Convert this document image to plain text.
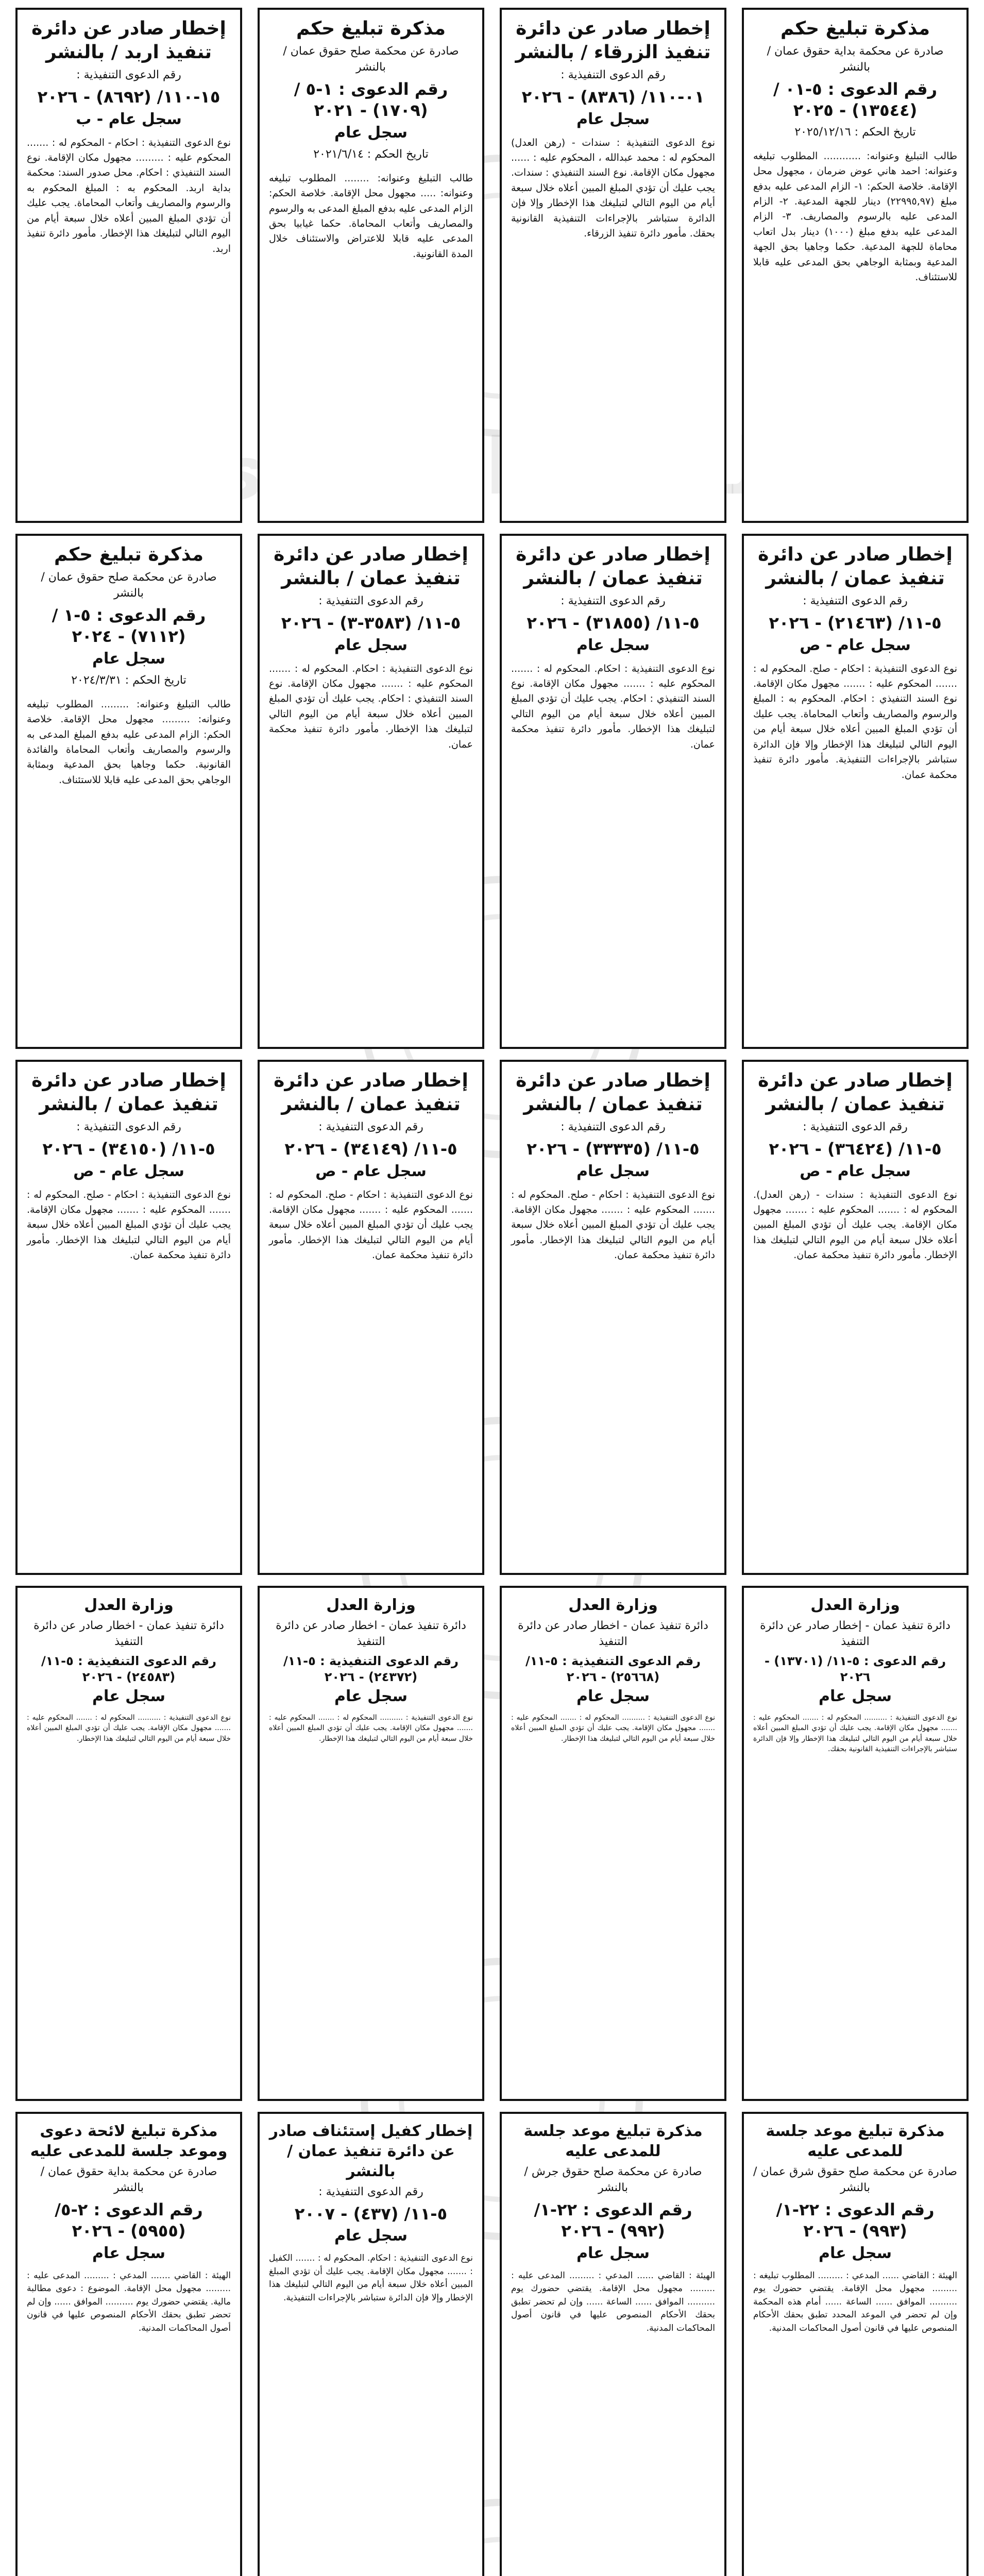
الوكيل الإخباري
مذكرة تبليغ حكم
صادرة عن محكمة بداية حقوق عمان / بالنشر
رقم الدعوى : ٥-٠١ / (١٣٥٤٤) - ٢٠٢٥
تاريخ الحكم : ٢٠٢٥/١٢/١٦
طالب التبليغ وعنوانه: ............ المطلوب تبليغه وعنوانه: احمد هاني عوض ضرمان ، مجهول محل الإقامة. خلاصة الحكم: ١- الزام المدعى عليه بدفع مبلغ (٢٢٩٩٥,٩٧) دينار للجهة المدعية. ٢- الزام المدعى عليه بالرسوم والمصاريف. ٣- الزام المدعى عليه بدفع مبلغ (١٠٠٠) دينار بدل اتعاب محاماة للجهة المدعية. حكما وجاهيا بحق الجهة المدعية وبمثابة الوجاهي بحق المدعى عليه قابلا للاستئناف.
إخطار صادر عن دائرة تنفيذ الزرقاء / بالنشر
رقم الدعوى التنفيذية :
٠١-١١٠/ (٨٣٨٦) - ٢٠٢٦
سجل عام
نوع الدعوى التنفيذية : سندات - (رهن العدل) المحكوم له : محمد عبدالله ، المحكوم عليه : ...... مجهول مكان الإقامة. نوع السند التنفيذي : سندات. يجب عليك أن تؤدي المبلغ المبين أعلاه خلال سبعة أيام من اليوم التالي لتبليغك هذا الإخطار وإلا فإن الدائرة ستباشر بالإجراءات التنفيذية القانونية بحقك. مأمور دائرة تنفيذ الزرقاء.
مذكرة تبليغ حكم
صادرة عن محكمة صلح حقوق عمان / بالنشر
رقم الدعوى : ١-٥ / (١٧٠٩) - ٢٠٢١
سجل عام
تاريخ الحكم : ٢٠٢١/٦/١٤
طالب التبليغ وعنوانه: ........ المطلوب تبليغه وعنوانه: ..... مجهول محل الإقامة. خلاصة الحكم: الزام المدعى عليه بدفع المبلغ المدعى به والرسوم والمصاريف وأتعاب المحاماة. حكما غيابيا بحق المدعى عليه قابلا للاعتراض والاستئناف خلال المدة القانونية.
إخطار صادر عن دائرة تنفيذ اربد / بالنشر
رقم الدعوى التنفيذية :
١٥-١١٠/ (٨٦٩٢) - ٢٠٢٦
سجل عام - ب
نوع الدعوى التنفيذية : احكام - المحكوم له : ....... المحكوم عليه : ......... مجهول مكان الإقامة. نوع السند التنفيذي : احكام. محل صدور السند: محكمة بداية اربد. المحكوم به : المبلغ المحكوم به والرسوم والمصاريف وأتعاب المحاماة. يجب عليك أن تؤدي المبلغ المبين أعلاه خلال سبعة أيام من اليوم التالي لتبليغك هذا الإخطار. مأمور دائرة تنفيذ اربد.
إخطار صادر عن دائرة تنفيذ عمان / بالنشر
رقم الدعوى التنفيذية :
٥-١١/ (٢١٤٦٣) - ٢٠٢٦
سجل عام - ص
نوع الدعوى التنفيذية : احكام - صلح. المحكوم له : ....... المحكوم عليه : ....... مجهول مكان الإقامة. نوع السند التنفيذي : احكام. المحكوم به : المبلغ والرسوم والمصاريف وأتعاب المحاماة. يجب عليك أن تؤدي المبلغ المبين أعلاه خلال سبعة أيام من اليوم التالي لتبليغك هذا الإخطار وإلا فإن الدائرة ستباشر بالإجراءات التنفيذية. مأمور دائرة تنفيذ محكمة عمان.
إخطار صادر عن دائرة تنفيذ عمان / بالنشر
رقم الدعوى التنفيذية :
٥-١١/ (٣١٨٥٥) - ٢٠٢٦
سجل عام
نوع الدعوى التنفيذية : احكام. المحكوم له : ....... المحكوم عليه : ....... مجهول مكان الإقامة. نوع السند التنفيذي : احكام. يجب عليك أن تؤدي المبلغ المبين أعلاه خلال سبعة أيام من اليوم التالي لتبليغك هذا الإخطار. مأمور دائرة تنفيذ محكمة عمان.
إخطار صادر عن دائرة تنفيذ عمان / بالنشر
رقم الدعوى التنفيذية :
٥-١١/ (٣٥٨٣-٣) - ٢٠٢٦
سجل عام
نوع الدعوى التنفيذية : احكام. المحكوم له : ....... المحكوم عليه : ....... مجهول مكان الإقامة. نوع السند التنفيذي : احكام. يجب عليك أن تؤدي المبلغ المبين أعلاه خلال سبعة أيام من اليوم التالي لتبليغك هذا الإخطار. مأمور دائرة تنفيذ محكمة عمان.
مذكرة تبليغ حكم
صادرة عن محكمة صلح حقوق عمان / بالنشر
رقم الدعوى : ٥-١ / (٧١١٢) - ٢٠٢٤
سجل عام
تاريخ الحكم : ٢٠٢٤/٣/٣١
طالب التبليغ وعنوانه: ......... المطلوب تبليغه وعنوانه: ......... مجهول محل الإقامة. خلاصة الحكم: الزام المدعى عليه بدفع المبلغ المدعى به والرسوم والمصاريف وأتعاب المحاماة والفائدة القانونية. حكما وجاهيا بحق المدعية وبمثابة الوجاهي بحق المدعى عليه قابلا للاستئناف.
إخطار صادر عن دائرة تنفيذ عمان / بالنشر
رقم الدعوى التنفيذية :
٥-١١/ (٣٦٤٢٤) - ٢٠٢٦
سجل عام - ص
نوع الدعوى التنفيذية : سندات - (رهن العدل). المحكوم له : ....... المحكوم عليه : ....... مجهول مكان الإقامة. يجب عليك أن تؤدي المبلغ المبين أعلاه خلال سبعة أيام من اليوم التالي لتبليغك هذا الإخطار. مأمور دائرة تنفيذ محكمة عمان.
إخطار صادر عن دائرة تنفيذ عمان / بالنشر
رقم الدعوى التنفيذية :
٥-١١/ (٣٣٣٣٥) - ٢٠٢٦
سجل عام
نوع الدعوى التنفيذية : احكام - صلح. المحكوم له : ....... المحكوم عليه : ....... مجهول مكان الإقامة. يجب عليك أن تؤدي المبلغ المبين أعلاه خلال سبعة أيام من اليوم التالي لتبليغك هذا الإخطار. مأمور دائرة تنفيذ محكمة عمان.
إخطار صادر عن دائرة تنفيذ عمان / بالنشر
رقم الدعوى التنفيذية :
٥-١١/ (٣٤١٤٩) - ٢٠٢٦
سجل عام - ص
نوع الدعوى التنفيذية : احكام - صلح. المحكوم له : ....... المحكوم عليه : ....... مجهول مكان الإقامة. يجب عليك أن تؤدي المبلغ المبين أعلاه خلال سبعة أيام من اليوم التالي لتبليغك هذا الإخطار. مأمور دائرة تنفيذ محكمة عمان.
إخطار صادر عن دائرة تنفيذ عمان / بالنشر
رقم الدعوى التنفيذية :
٥-١١/ (٣٤١٥٠) - ٢٠٢٦
سجل عام - ص
نوع الدعوى التنفيذية : احكام - صلح. المحكوم له : ....... المحكوم عليه : ....... مجهول مكان الإقامة. يجب عليك أن تؤدي المبلغ المبين أعلاه خلال سبعة أيام من اليوم التالي لتبليغك هذا الإخطار. مأمور دائرة تنفيذ محكمة عمان.
وزارة العدل
دائرة تنفيذ عمان - إخطار صادر عن دائرة التنفيذ
رقم الدعوى : ٥-١١/ (١٣٧٠١) - ٢٠٢٦
سجل عام
نوع الدعوى التنفيذية : .......... المحكوم له : ....... المحكوم عليه : ....... مجهول مكان الإقامة. يجب عليك أن تؤدي المبلغ المبين أعلاه خلال سبعة أيام من اليوم التالي لتبليغك هذا الإخطار وإلا فإن الدائرة ستباشر بالإجراءات التنفيذية القانونية بحقك.
وزارة العدل
دائرة تنفيذ عمان - اخطار صادر عن دائرة التنفيذ
رقم الدعوى التنفيذية : ٥-١١/ (٢٥٦٦٨) - ٢٠٢٦
سجل عام
نوع الدعوى التنفيذية : .......... المحكوم له : ....... المحكوم عليه : ....... مجهول مكان الإقامة. يجب عليك أن تؤدي المبلغ المبين أعلاه خلال سبعة أيام من اليوم التالي لتبليغك هذا الإخطار.
وزارة العدل
دائرة تنفيذ عمان - اخطار صادر عن دائرة التنفيذ
رقم الدعوى التنفيذية : ٥-١١/ (٢٤٣٧٢) - ٢٠٢٦
سجل عام
نوع الدعوى التنفيذية : .......... المحكوم له : ....... المحكوم عليه : ....... مجهول مكان الإقامة. يجب عليك أن تؤدي المبلغ المبين أعلاه خلال سبعة أيام من اليوم التالي لتبليغك هذا الإخطار.
وزارة العدل
دائرة تنفيذ عمان - اخطار صادر عن دائرة التنفيذ
رقم الدعوى التنفيذية : ٥-١١/ (٢٤٥٨٣) - ٢٠٢٦
سجل عام
نوع الدعوى التنفيذية : .......... المحكوم له : ....... المحكوم عليه : ....... مجهول مكان الإقامة. يجب عليك أن تؤدي المبلغ المبين أعلاه خلال سبعة أيام من اليوم التالي لتبليغك هذا الإخطار.
مذكرة تبليغ موعد جلسة للمدعى عليه
صادرة عن محكمة صلح حقوق شرق عمان / بالنشر
رقم الدعوى : ٢٢-١/ (٩٩٣) - ٢٠٢٦
سجل عام
الهيئة : القاضي ...... المدعي : ......... المطلوب تبليغه : ......... مجهول محل الإقامة. يقتضي حضورك يوم .......... الموافق ...... الساعة ...... أمام هذه المحكمة وإن لم تحضر في الموعد المحدد تطبق بحقك الأحكام المنصوص عليها في قانون أصول المحاكمات المدنية.
مذكرة تبليغ موعد جلسة للمدعى عليه
صادرة عن محكمة صلح حقوق جرش / بالنشر
رقم الدعوى : ٢٢-١/ (٩٩٢) - ٢٠٢٦
سجل عام
الهيئة : القاضي ...... المدعي : ......... المدعى عليه : ......... مجهول محل الإقامة. يقتضي حضورك يوم .......... الموافق ...... الساعة ...... وإن لم تحضر تطبق بحقك الأحكام المنصوص عليها في قانون أصول المحاكمات المدنية.
إخطار كفيل إستئناف صادر عن دائرة تنفيذ عمان / بالنشر
رقم الدعوى التنفيذية :
٥-١١/ (٤٣٧) - ٢٠٠٧
سجل عام
نوع الدعوى التنفيذية : احكام. المحكوم له : ....... الكفيل : ....... مجهول مكان الإقامة. يجب عليك أن تؤدي المبلغ المبين أعلاه خلال سبعة أيام من اليوم التالي لتبليغك هذا الإخطار وإلا فإن الدائرة ستباشر بالإجراءات التنفيذية.
مذكرة تبليغ لائحة دعوى وموعد جلسة للمدعى عليه
صادرة عن محكمة بداية حقوق عمان / بالنشر
رقم الدعوى : ٢-٥/ (٥٩٥٥) - ٢٠٢٦
سجل عام
الهيئة : القاضي ....... المدعي : ......... المدعى عليه : ......... مجهول محل الإقامة. الموضوع : دعوى مطالبة مالية. يقتضي حضورك يوم .......... الموافق ...... وإن لم تحضر تطبق بحقك الأحكام المنصوص عليها في قانون أصول المحاكمات المدنية.
